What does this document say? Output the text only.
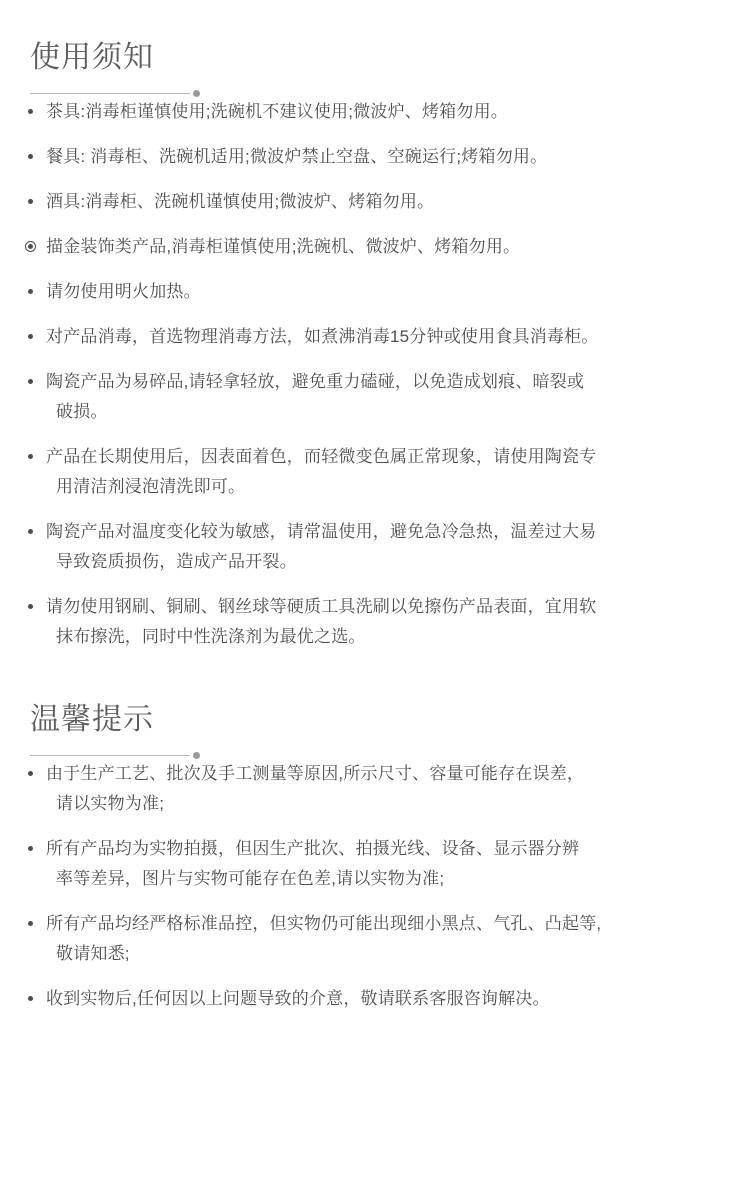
使用须知
茶具:消毒柜谨慎使用;洗碗机不建议使用;微波炉、烤箱勿用。
餐具: 消毒柜、洗碗机适用;微波炉禁止空盘、空碗运行;烤箱勿用。
酒具:消毒柜、洗碗机谨慎使用;微波炉、烤箱勿用。
描金装饰类产品,消毒柜谨慎使用;洗碗机、微波炉、烤箱勿用。
请勿使用明火加热。
对产品消毒，首选物理消毒方法，如煮沸消毒15分钟或使用食具消毒柜。
陶瓷产品为易碎品,请轻拿轻放，避免重力磕碰，以免造成划痕、暗裂或
破损。
产品在长期使用后，因表面着色，而轻微变色属正常现象，请使用陶瓷专
用清洁剂浸泡清洗即可。
陶瓷产品对温度变化较为敏感，请常温使用，避免急冷急热，温差过大易
导致瓷质损伤，造成产品开裂。
请勿使用钢刷、铜刷、钢丝球等硬质工具洗刷以免擦伤产品表面，宜用软
抹布擦洗，同时中性洗涤剂为最优之选。
温馨提示
由于生产工艺、批次及手工测量等原因,所示尺寸、容量可能存在误差，
请以实物为准;
所有产品均为实物拍摄，但因生产批次、拍摄光线、设备、显示器分辨
率等差异，图片与实物可能存在色差,请以实物为准;
所有产品均经严格标准品控，但实物仍可能出现细小黑点、气孔、凸起等,
敬请知悉;
收到实物后,任何因以上问题导致的介意，敬请联系客服咨询解决。
